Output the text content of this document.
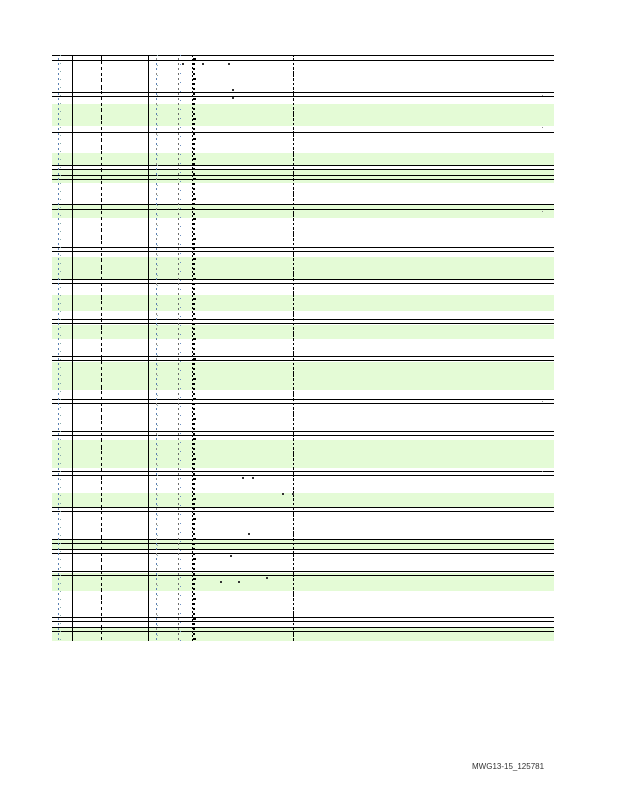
MWG13-15_125781
